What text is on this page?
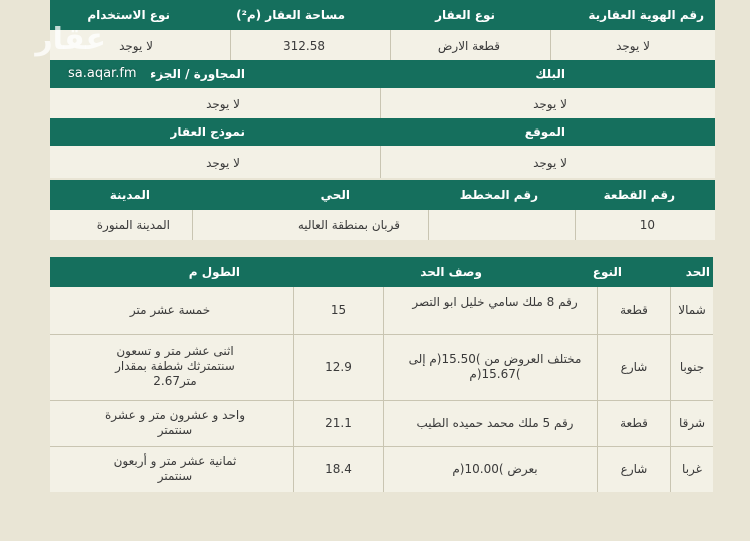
رقم الهوية العقارية
نوع العقار
مساحة العقار (م²)
نوع الاستخدام
لا يوجد
قطعة الارض
312.58
لا يوجد
البلك
المجاورة / الجزء
لا يوجد
لا يوجد
الموقع
نموذج العقار
لا يوجد
لا يوجد
رقم القطعة
رقم المخطط
الحي
المدينة
10
قربان بمنطقة العاليه
المدينة المنورة
الحد
النوع
وصف الحد
الطول م
شمالا
قطعة
رقم 8 ملك سامي خليل ابو التصر
15
خمسة عشر متر
جنوبا
شارع
مختلف العروض من )15.50(م إلى )15.67(م
12.9
اثنى عشر متر و تسعون سنتمترثك شطفة بمقدار متر2.67
شرقا
قطعة
رقم 5 ملك محمد حميده الطيب
21.1
واحد و عشرون متر و عشرة سنتمتر
غربا
شارع
بعرض )10.00(م
18.4
ثمانية عشر متر و أربعون سنتمتر
عقار
sa.aqar.fm
